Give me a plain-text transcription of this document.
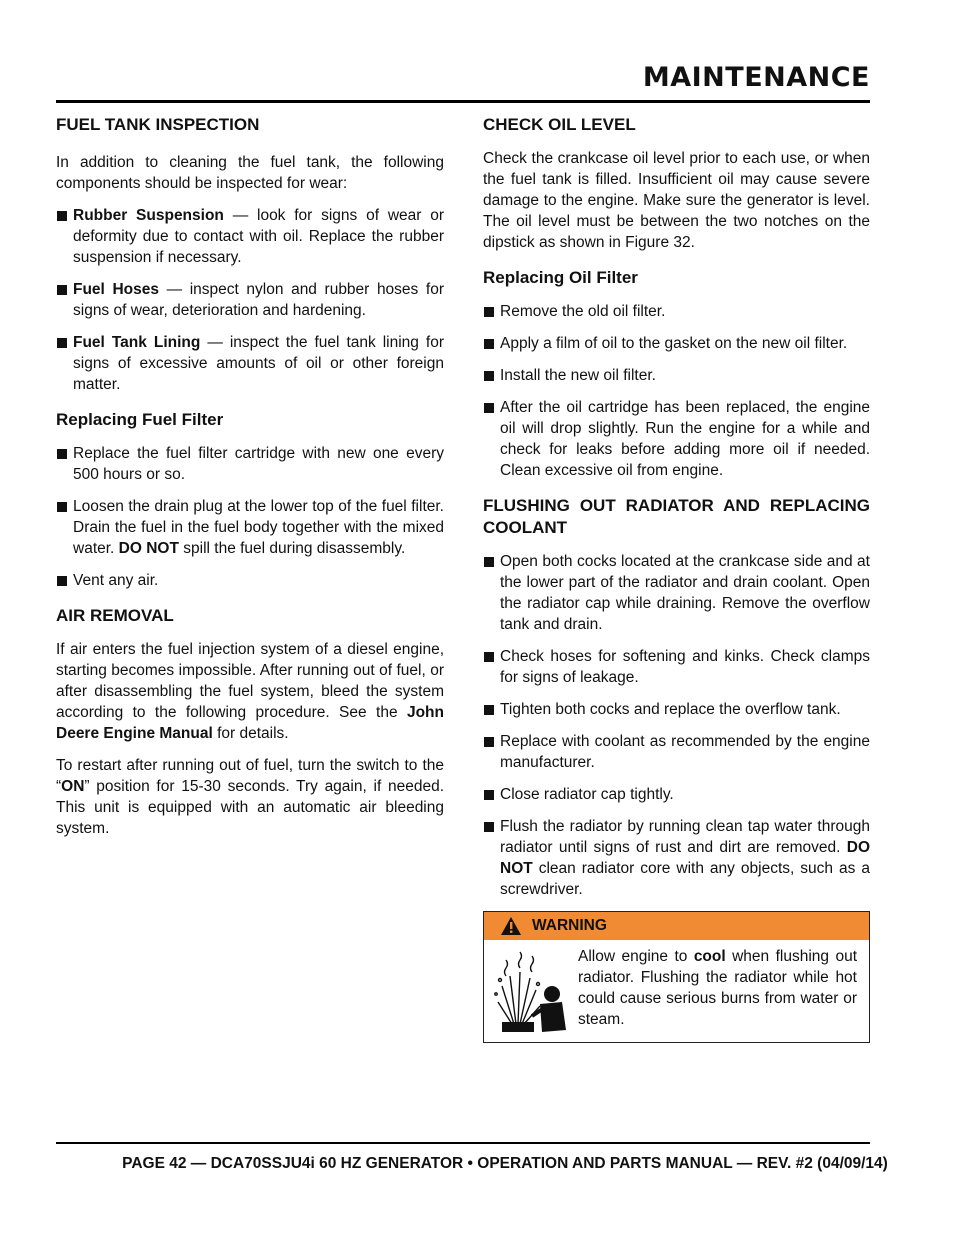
MAINTENANCE
FUEL TANK INSPECTION

In addition to cleaning the fuel tank, the following components should be inspected for wear:

Rubber Suspension — look for signs of wear or deformity due to contact with oil. Replace the rubber suspension if necessary.
Fuel Hoses — inspect nylon and rubber hoses for signs of wear, deterioration and hardening.
Fuel Tank Lining — inspect the fuel tank lining for signs of excessive amounts of oil or other foreign matter.
Replacing Fuel Filter
Replace the fuel filter cartridge with new one every 500 hours or so.
Loosen the drain plug at the lower top of the fuel filter. Drain the fuel in the fuel body together with the mixed water. DO NOT spill the fuel during disassembly.
Vent any air.
AIR REMOVAL

If air enters the fuel injection system of a diesel engine, starting becomes impossible. After running out of fuel, or after disassembling the fuel system, bleed the system according to the following procedure. See the John Deere Engine Manual for details.

To restart after running out of fuel, turn the switch to the “ON” position for 15-30 seconds. Try again, if needed. This unit is equipped with an automatic air bleeding system.

CHECK OIL LEVEL

Check the crankcase oil level prior to each use, or when the fuel tank is filled. Insufficient oil may cause severe damage to the engine. Make sure the generator is level. The oil level must be between the two notches on the dipstick as shown in Figure 32.

Replacing Oil Filter
Remove the old oil filter.
Apply a film of oil to the gasket on the new oil filter.
Install the new oil filter.
After the oil cartridge has been replaced, the engine oil will drop slightly. Run the engine for a while and check for leaks before adding more oil if needed. Clean excessive oil from engine.
FLUSHING OUT RADIATOR AND REPLACING COOLANT
Open both cocks located at the crankcase side and at the lower part of the radiator and drain coolant. Open the radiator cap while draining. Remove the overflow tank and drain.
Check hoses for softening and kinks. Check clamps for signs of leakage.
Tighten both cocks and replace the overflow tank.
Replace with coolant as recommended by the engine manufacturer.
Close radiator cap tightly.
Flush the radiator by running clean tap water through radiator until signs of rust and dirt are removed. DO NOT clean radiator core with any objects, such as a screwdriver.
WARNING

Allow engine to cool when flushing out radiator. Flushing the radiator while hot could cause serious burns from water or steam.

PAGE 42 — DCA70SSJU4i 60 HZ GENERATOR • OPERATION AND PARTS MANUAL — REV. #2 (04/09/14)
